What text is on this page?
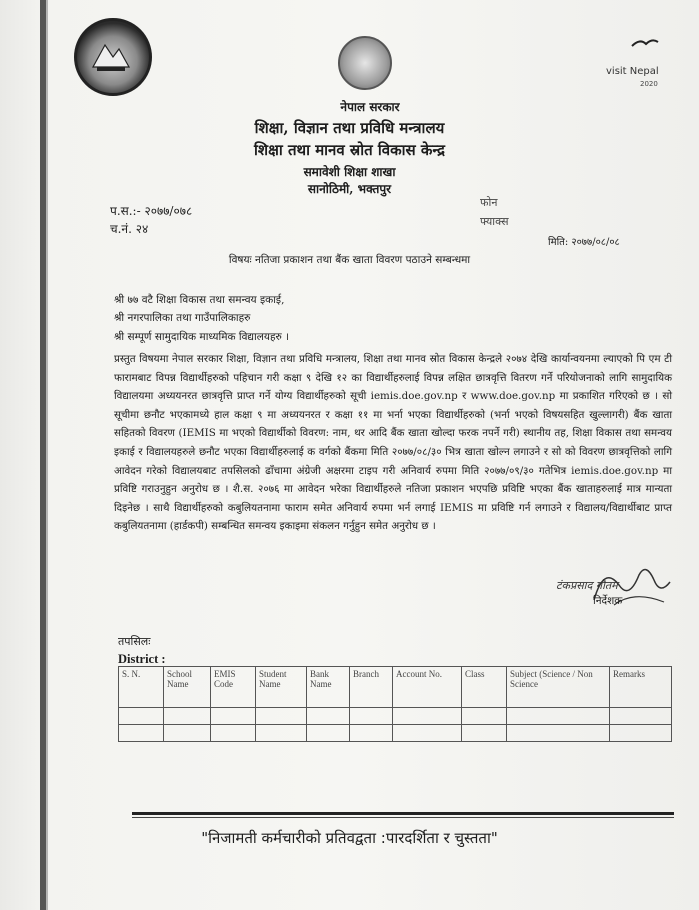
visit Nepal
2020
नेपाल सरकार
शिक्षा, विज्ञान तथा प्रविधि मन्त्रालय
शिक्षा तथा मानव स्रोत विकास केन्द्र
समावेशी शिक्षा शाखा
सानोठिमी, भक्तपुर
प.स.:- २०७७/०७८
च.नं. २४
फोन
फ्याक्स
मिति: २०७७/०८/०८
विषयः नतिजा प्रकाशन तथा बैंक खाता विवरण पठाउने सम्बन्धमा
श्री ७७ वटै शिक्षा विकास तथा समन्वय इकाई,
श्री नगरपालिका तथा गाउँपालिकाहरु
श्री सम्पूर्ण सामुदायिक माध्यमिक विद्यालयहरु ।
प्रस्तुत विषयमा नेपाल सरकार शिक्षा, विज्ञान तथा प्रविधि मन्त्रालय, शिक्षा तथा मानव स्रोत विकास केन्द्रले २०७४ देखि कार्यान्वयनमा ल्याएको पि एम टी फारामबाट विपन्न विद्यार्थीहरुको पहिचान गरी कक्षा ९ देखि १२ का विद्यार्थीहरुलाई विपन्न लक्षित छात्रवृत्ति वितरण गर्ने परियोजनाको लागि सामुदायिक विद्यालयमा अध्ययनरत छात्रवृत्ति प्राप्त गर्ने योग्य विद्यार्थीहरुको सूची iemis.doe.gov.np र www.doe.gov.np मा प्रकाशित गरिएको छ । सो सूचीमा छनौट भएकामध्ये हाल कक्षा ९ मा अध्ययनरत र कक्षा ११ मा भर्ना भएका विद्यार्थीहरुको (भर्ना भएको विषयसहित खुल्लागरी) बैंक खाता सहितको विवरण (IEMIS मा भएको विद्यार्थीको विवरण: नाम, थर आदि बैंक खाता खोल्दा फरक नपर्ने गरी) स्थानीय तह, शिक्षा विकास तथा समन्वय इकाई र विद्यालयहरुले छनौट भएका विद्यार्थीहरुलाई क वर्गको बैंकमा मिति २०७७/०८/३० भित्र खाता खोल्न लगाउने र सो को विवरण छात्रवृत्तिको लागि आवेदन गरेको विद्यालयबाट तपसिलको ढाँचामा अंग्रेजी अक्षरमा टाइप गरी अनिवार्य रुपमा मिति २०७७/०९/३० गतेभित्र iemis.doe.gov.np मा प्रविष्टि गराउनुहुन अनुरोध छ । शै.स. २०७६ मा आवेदन भरेका विद्यार्थीहरुले नतिजा प्रकाशन भएपछि प्रविष्टि भएका बैंक खाताहरुलाई मात्र मान्यता दिइनेछ । साथै विद्यार्थीहरुको कबुलियतनामा फाराम समेत अनिवार्य रुपमा भर्न लगाई IEMIS मा प्रविष्टि गर्न लगाउने र विद्यालय/विद्यार्थीबाट प्राप्त कबुलियतनामा (हार्डकपी) सम्बन्धित समन्वय इकाइमा संकलन गर्नुहुन समेत अनुरोध छ ।
टंकप्रसाद गौतम
निर्देशक
तपसिलः
District :
S. N.	School Name	EMIS Code	Student Name	Bank Name	Branch	Account No.	Class	Subject (Science / Non Science	Remarks

"निजामती कर्मचारीको प्रतिवद्वता :पारदर्शिता र चुस्तता"
